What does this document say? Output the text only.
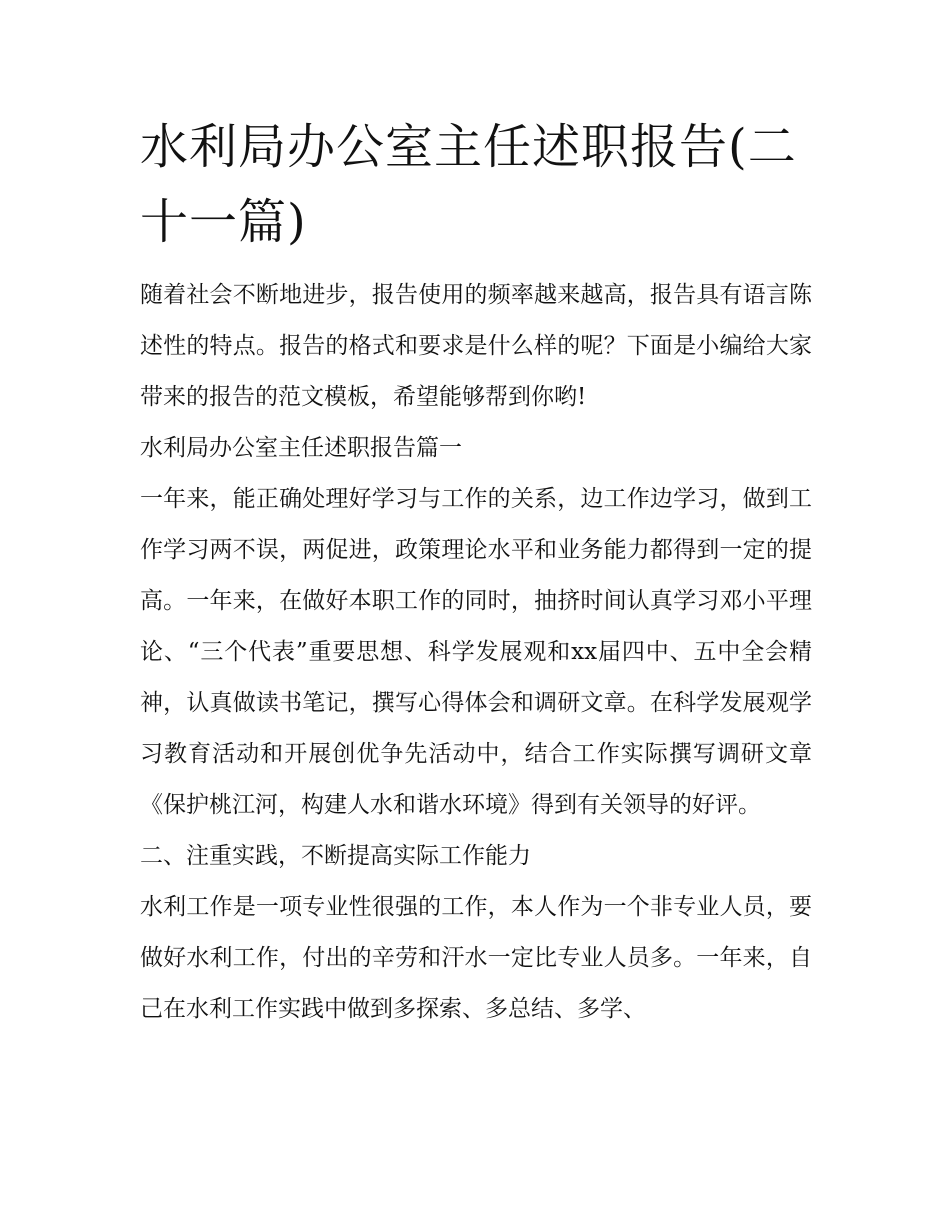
水利局办公室主任述职报告(二十一篇)

随着社会不断地进步，报告使用的频率越来越高，报告具有语言陈述性的特点。报告的格式和要求是什么样的呢？下面是小编给大家带来的报告的范文模板，希望能够帮到你哟!

水利局办公室主任述职报告篇一

一年来，能正确处理好学习与工作的关系，边工作边学习，做到工作学习两不误，两促进，政策理论水平和业务能力都得到一定的提高。一年来，在做好本职工作的同时，抽挤时间认真学习邓小平理论、“三个代表”重要思想、科学发展观和xx届四中、五中全会精神，认真做读书笔记，撰写心得体会和调研文章。在科学发展观学习教育活动和开展创优争先活动中，结合工作实际撰写调研文章《保护桃江河，构建人水和谐水环境》得到有关领导的好评。

二、注重实践，不断提高实际工作能力

水利工作是一项专业性很强的工作，本人作为一个非专业人员，要做好水利工作，付出的辛劳和汗水一定比专业人员多。一年来，自己在水利工作实践中做到多探索、多总结、多学、
